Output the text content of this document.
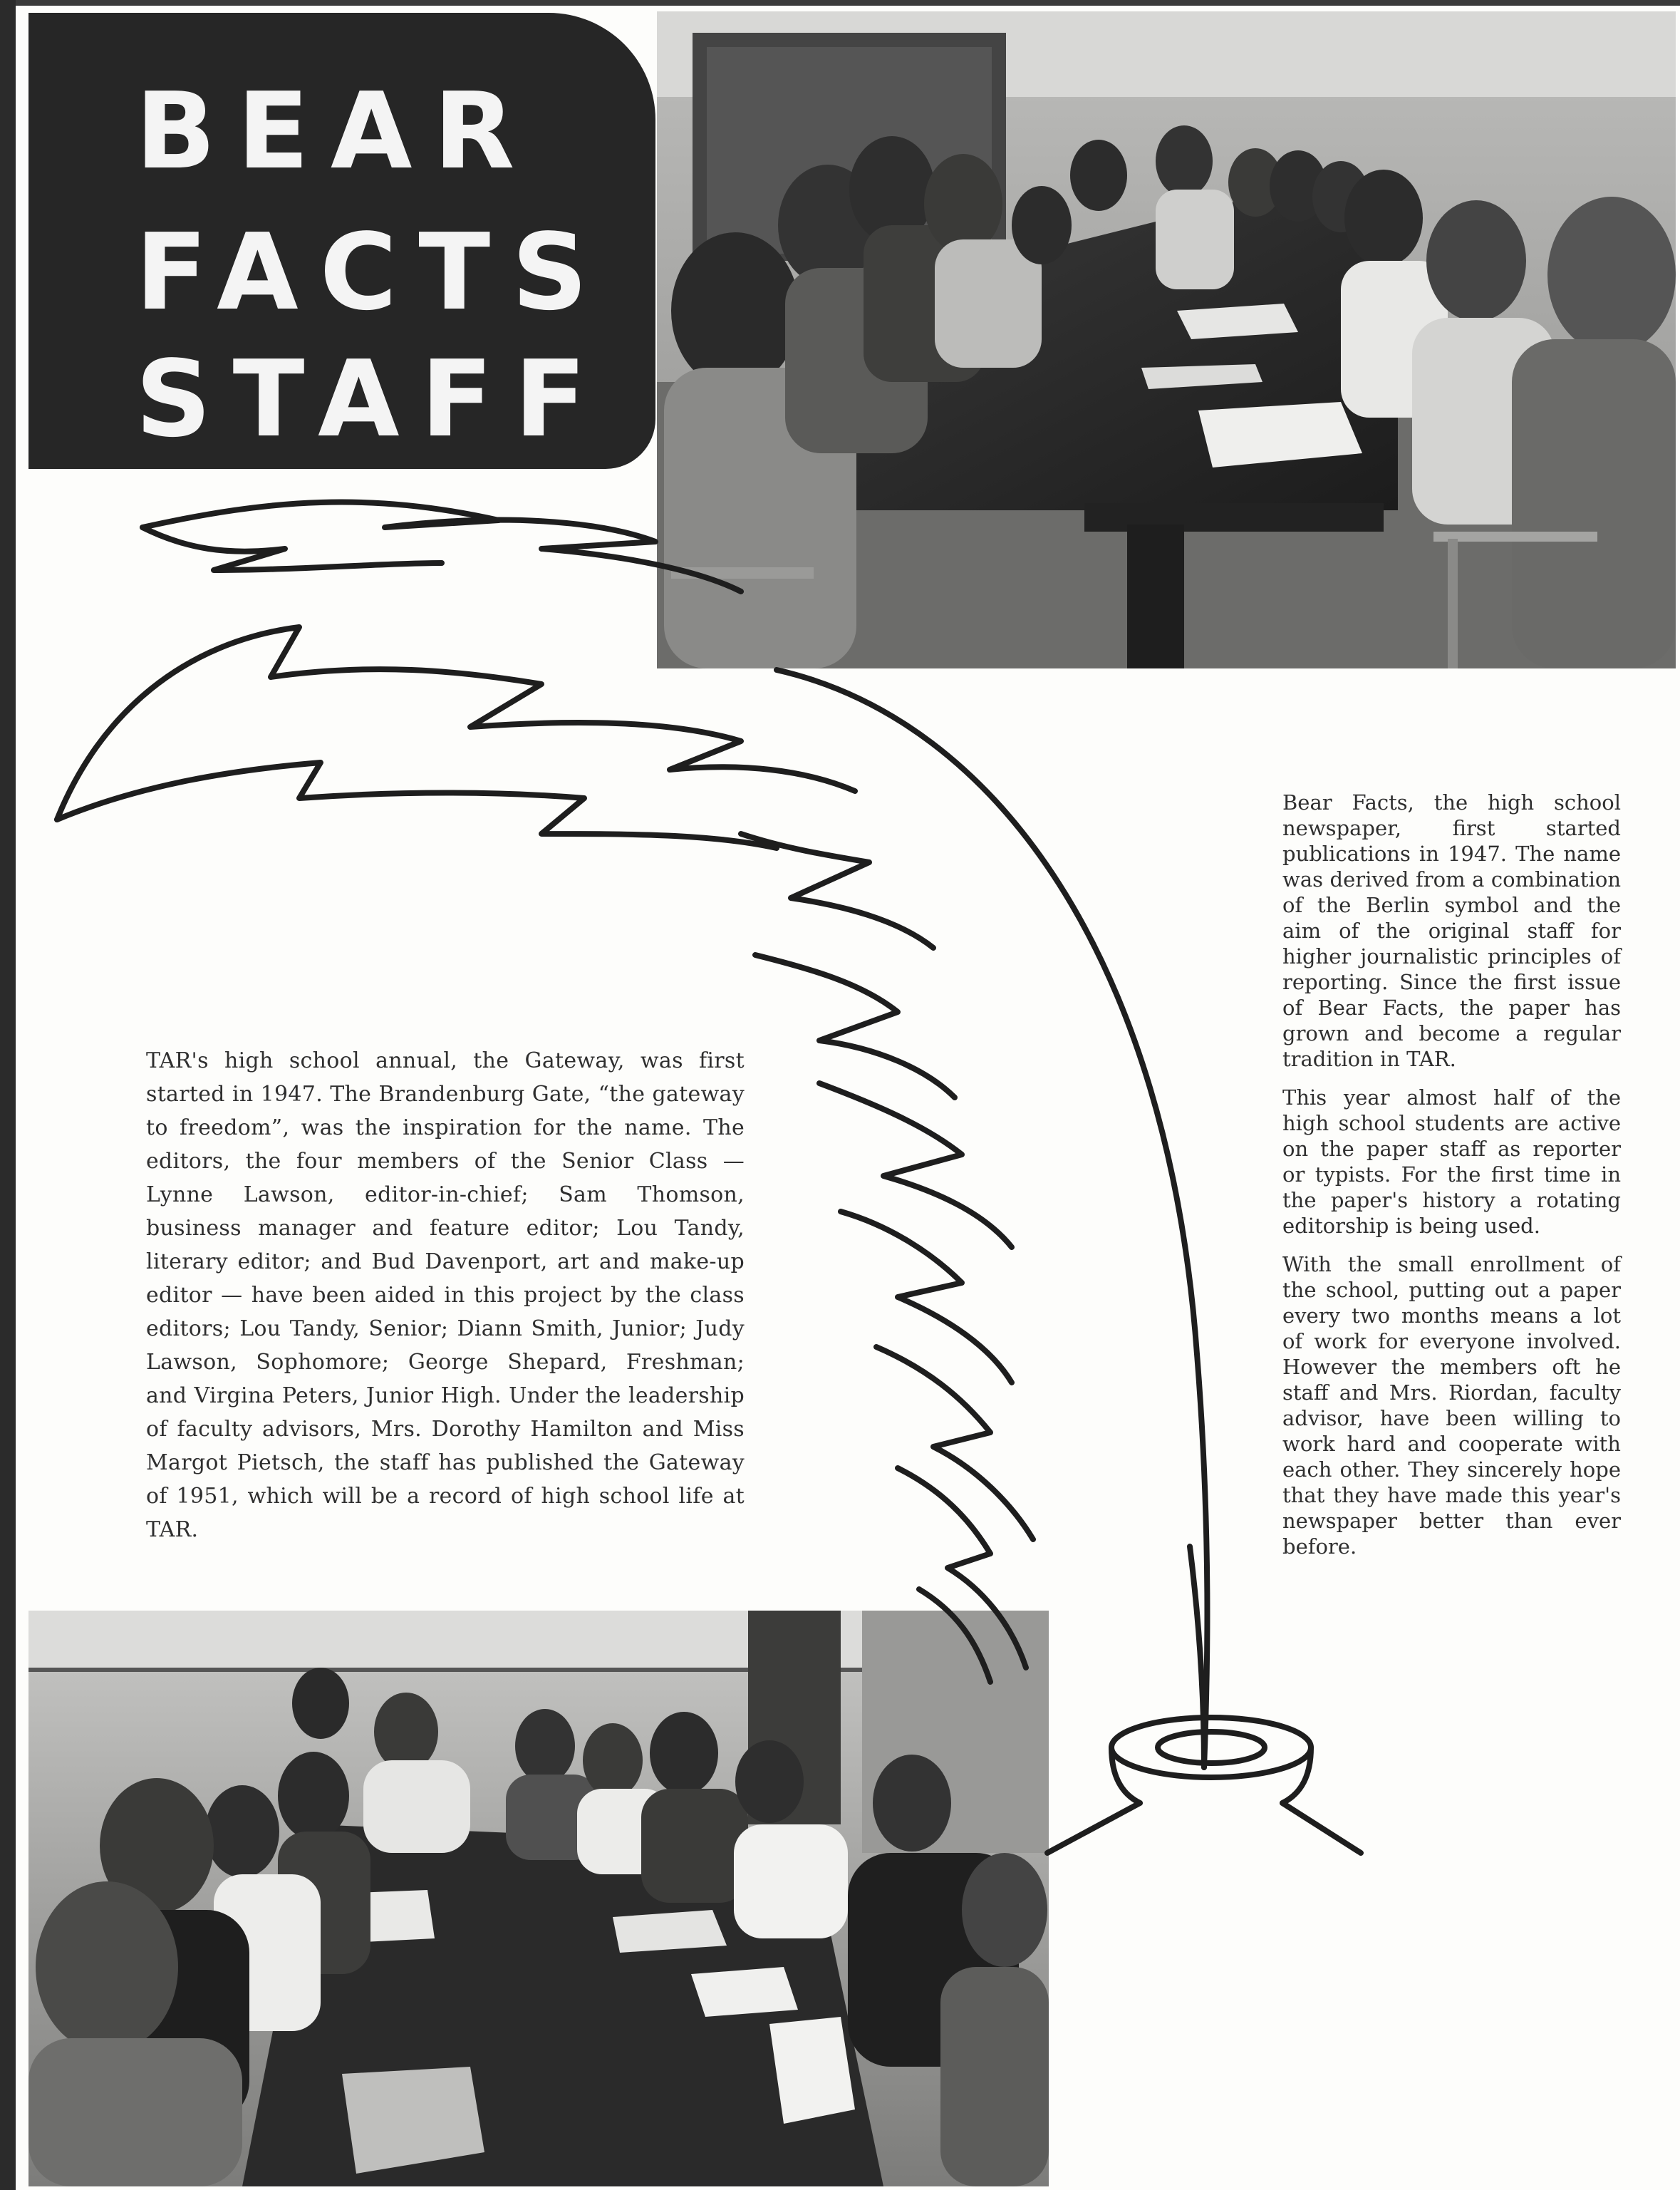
BEAR
FACTS
STAFF

TAR's high school annual, the Gateway, was first started in 1947. The Brandenburg Gate, “the gateway to freedom”, was the inspiration for the name. The editors, the four members of the Senior Class — Lynne Lawson, editor-in-chief; Sam Thomson, business manager and feature editor; Lou Tandy, literary editor; and Bud Davenport, art and make-up editor — have been aided in this project by the class editors; Lou Tandy, Senior; Diann Smith, Junior; Judy Lawson, Sophomore; George Shepard, Freshman; and Virgina Peters, Junior High. Under the leadership of faculty advisors, Mrs. Dorothy Hamilton and Miss Margot Pietsch, the staff has published the Gateway of 1951, which will be a record of high school life at TAR.

Bear Facts, the high school newspaper, first started publications in 1947. The name was derived from a combination of the Berlin symbol and the aim of the original staff for higher journalistic principles of reporting. Since the first issue of Bear Facts, the paper has grown and become a regular tradition in TAR.

This year almost half of the high school students are active on the paper staff as reporter or typists. For the first time in the paper's history a rotating editorship is being used.

With the small enrollment of the school, putting out a paper every two months means a lot of work for everyone involved. However the members oft he staff and Mrs. Riordan, faculty advisor, have been willing to work hard and cooperate with each other. They sincerely hope that they have made this year's newspaper better than ever before.
